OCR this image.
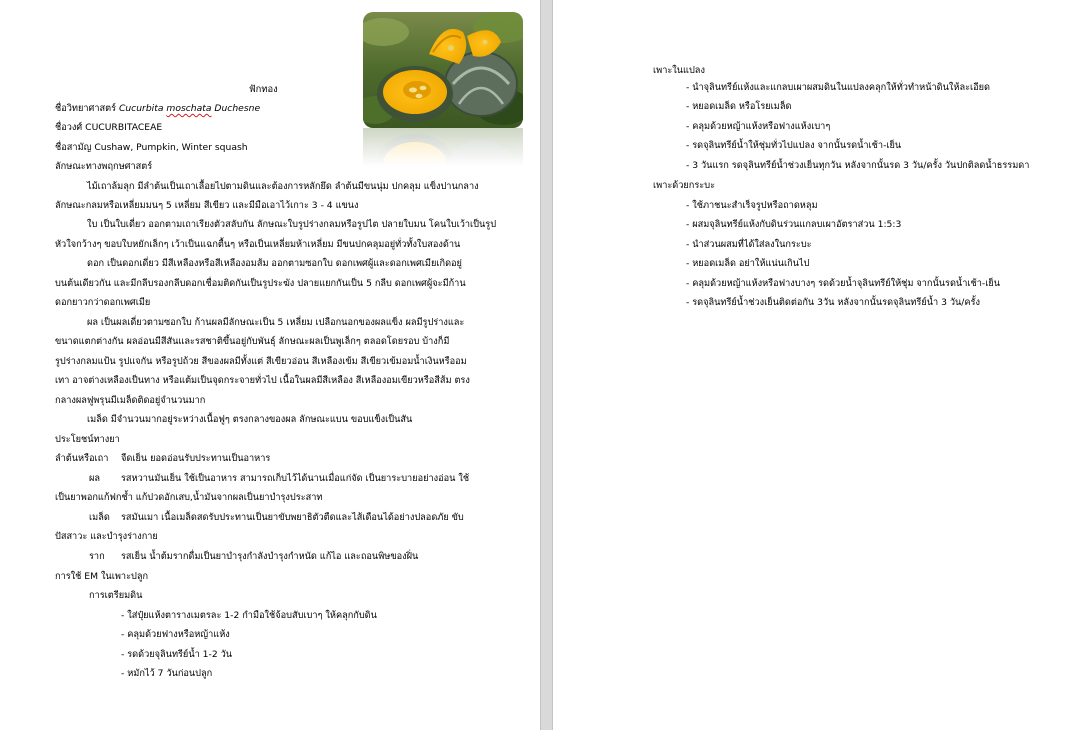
ฟักทอง
ชื่อวิทยาศาสตร์ Cucurbita moschata Duchesne
ชื่อวงศ์ CUCURBITACEAE
ชื่อสามัญ Cushaw, Pumpkin, Winter squash
ลักษณะทางพฤกษศาสตร์
ไม้เถาล้มลุก มีลำต้นเป็นเถาเลื้อยไปตามดินและต้องการหลักยึด ลำต้นมีขนนุ่ม ปกคลุม แข็งปานกลาง
ลักษณะกลมหรือเหลี่ยมมนๆ 5 เหลี่ยม สีเขียว และมีมือเอาไว้เกาะ 3 - 4 แขนง
ใบ เป็นใบเดี่ยว ออกตามเถาเรียงตัวสลับกัน ลักษณะใบรูปร่างกลมหรือรูปไต ปลายใบมน โคนใบเว้าเป็นรูป
หัวใจกว้างๆ ขอบใบหยักเล็กๆ เว้าเป็นแฉกตื้นๆ หรือเป็นเหลี่ยมห้าเหลี่ยม มีขนปกคลุมอยู่ทั่วทั้งใบสองด้าน
ดอก เป็นดอกเดี่ยว มีสีเหลืองหรือสีเหลืองอมส้ม ออกตามซอกใบ ดอกเพศผู้และดอกเพศเมียเกิดอยู่
บนต้นเดียวกัน และมีกลีบรองกลีบดอกเชื่อมติดกันเป็นรูประฆัง ปลายแยกกันเป็น 5 กลีบ ดอกเพศผู้จะมีก้าน
ดอกยาวกว่าดอกเพศเมีย
ผล เป็นผลเดี่ยวตามซอกใบ ก้านผลมีลักษณะเป็น 5 เหลี่ยม เปลือกนอกของผลแข็ง ผลมีรูปร่างและ
ขนาดแตกต่างกัน ผลอ่อนมีสีสันและรสชาติขึ้นอยู่กับพันธุ์ ลักษณะผลเป็นพูเล็กๆ ตลอดโดยรอบ บ้างก็มี
รูปร่างกลมแป้น รูปแจกัน หรือรูปถ้วย สีของผลมีทั้งแต่ สีเขียวอ่อน สีเหลืองเข้ม สีเขียวเข้มอมน้ำเงินหรืออม
เทา อาจต่างเหลืองเป็นทาง หรือแต้มเป็นจุดกระจายทั่วไป เนื้อในผลมีสีเหลือง สีเหลืองอมเขียวหรือสีส้ม ตรง
กลางผลฟูพรุนมีเมล็ดติดอยู่จำนวนมาก
เมล็ด มีจำนวนมากอยู่ระหว่างเนื้อฟูๆ ตรงกลางของผล ลักษณะแบน ขอบแข็งเป็นสัน
ประโยชน์ทางยา
ลำต้นหรือเถา จืดเย็น ยอดอ่อนรับประทานเป็นอาหาร
ผล รสหวานมันเย็น ใช้เป็นอาหาร สามารถเก็บไว้ได้นานเมื่อแก่จัด เป็นยาระบายอย่างอ่อน ใช้
เป็นยาพอกแก้ฟกช้ำ แก้ปวดอักเสบ,น้ำมันจากผลเป็นยาบำรุงประสาท
เมล็ด รสมันเมา เนื้อเมล็ดสดรับประทานเป็นยาขับพยาธิตัวตืดและไส้เดือนได้อย่างปลอดภัย ขับ
ปัสสาวะ และบำรุงร่างกาย
ราก รสเย็น น้ำต้มรากดื่มเป็นยาบำรุงกำลังบำรุงกำหนัด แก้ไอ และถอนพิษของฝิ่น
การใช้ EM ในเพาะปลูก
การเตรียมดิน
- ใส่ปุ๋ยแห้งตารางเมตรละ 1-2 กำมือใช้จ้อบสับเบาๆ ให้คลุกกับดิน
- คลุมด้วยฟางหรือหญ้าแห้ง
- รดด้วยจุลินทรีย์น้ำ 1-2 วัน
- หมักไว้ 7 วันก่อนปลูก
เพาะในแปลง
- นำจุลินทรีย์แห้งและแกลบเผาผสมดินในแปลงคลุกให้ทั่วทำหน้าดินให้ละเอียด
- หยอดเมล็ด หรือโรยเมล็ด
- คลุมด้วยหญ้าแห้งหรือฟางแห้งเบาๆ
- รดจุลินทรีย์น้ำให้ชุ่มทั่วไปแปลง จากนั้นรดน้ำเช้า-เย็น
- 3 วันแรก รดจุลินทรีย์น้ำช่วงเย็นทุกวัน หลังจากนั้นรด 3 วัน/ครั้ง วันปกติลดน้ำธรรมดา
เพาะด้วยกระบะ
- ใช้ภาชนะสำเร็จรูปหรือถาดหลุม
- ผสมจุลินทรีย์แห้งกับดินร่วนแกลบเผาอัตราส่วน 1:5:3
- นำส่วนผสมที่ได้ใส่ลงในกระบะ
- หยอดเมล็ด อย่าให้แน่นเกินไป
- คลุมด้วยหญ้าแห้งหรือฟางบางๆ รดด้วยน้ำจุลินทรีย์ให้ชุ่ม จากนั้นรดน้ำเช้า-เย็น
- รดจุลินทรีย์น้ำช่วงเย็นติดต่อกัน 3วัน หลังจากนั้นรดจุลินทรีย์น้ำ 3 วัน/ครั้ง
